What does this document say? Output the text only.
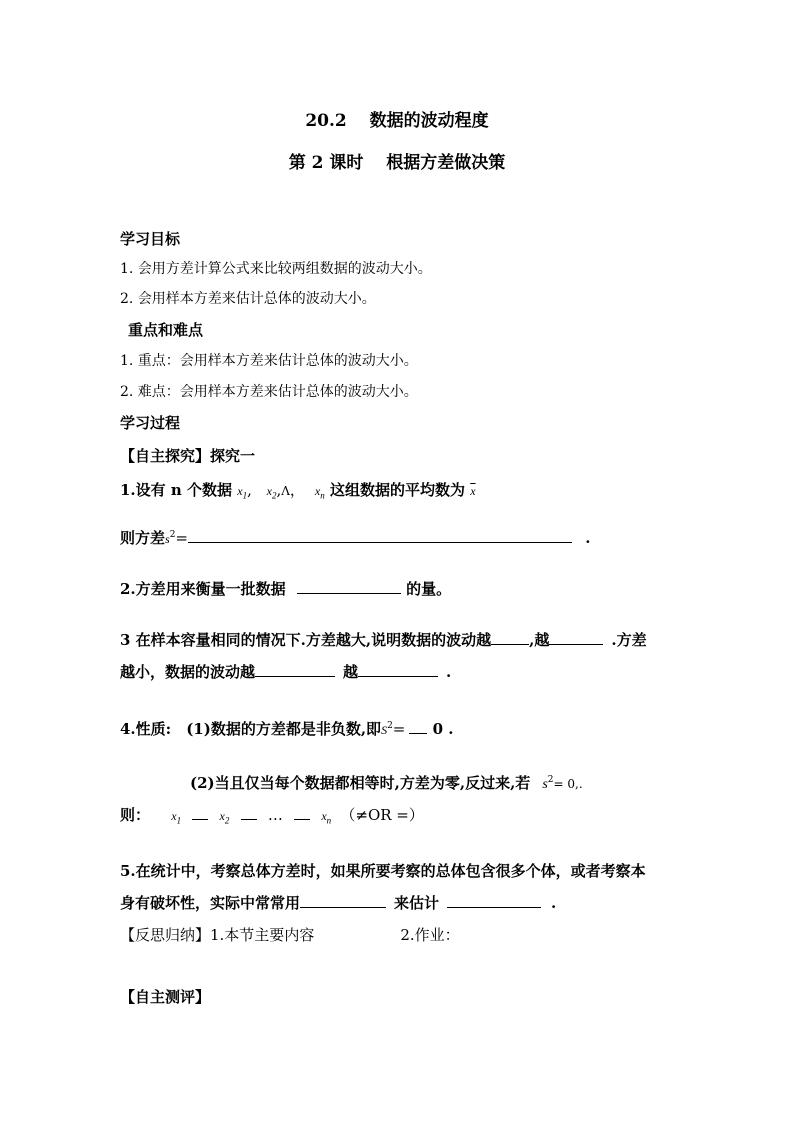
20.2　 数据的波动程度
第 2 课时　 根据方差做决策
学习目标
1. 会用方差计算公式来比较两组数据的波动大小。
2. 会用样本方差来估计总体的波动大小。
重点和难点
1. 重点：会用样本方差来估计总体的波动大小。
2. 难点：会用样本方差来估计总体的波动大小。
学习过程
【自主探究】探究一
1.设有 n 个数据 $x_1$,   $x_2,\Lambda$，  $x_n$ 这组数据的平均数为 $\overline{x}$
则方差$s^2=$	.
2.方差用来衡量一批数据	的量。
3 在样本容量相同的情况下.方差越大,说明数据的波动越	,越	.方差
越小，数据的波动越	越	.
4.性质:　(1)数据的方差都是非负数,即$S^2= 0$ .
(2)当且仅当每个数据都相等时,方差为零,反过来,若 $s^2= 0$,.
则： $x_1$	$x_2$	…	$x_n$ （≠OR =）
5.在统计中，考察总体方差时，如果所要考察的总体包含很多个体，或者考察本
身有破坏性，实际中常常用	来估计	.
【反思归纳】1.本节主要内容	2.作业：
【自主测评】
